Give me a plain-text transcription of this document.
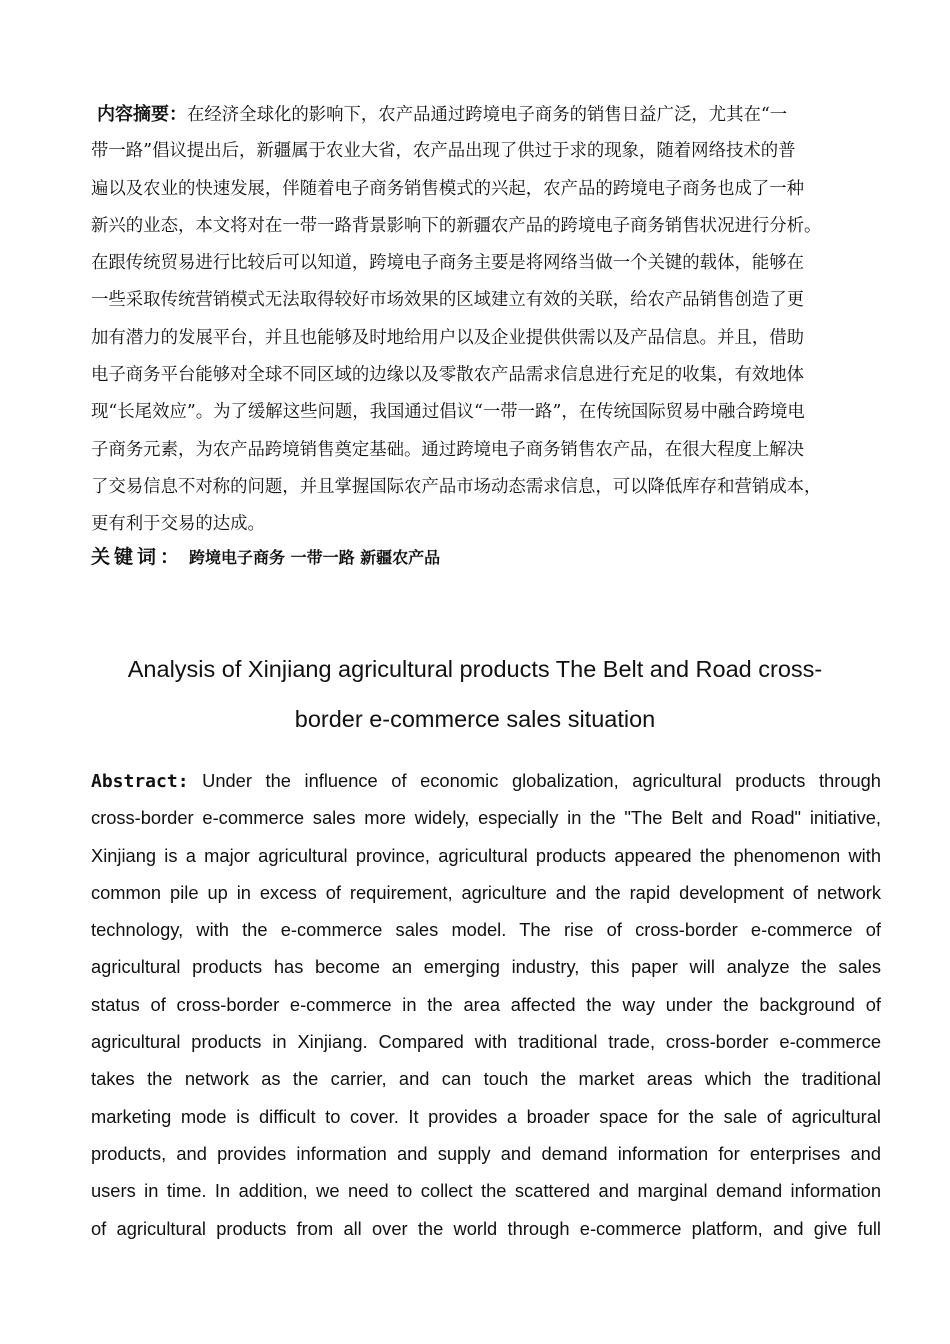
内容摘要：在经济全球化的影响下，农产品通过跨境电子商务的销售日益广泛，尤其在“一
带一路”倡议提出后，新疆属于农业大省，农产品出现了供过于求的现象，随着网络技术的普
遍以及农业的快速发展，伴随着电子商务销售模式的兴起，农产品的跨境电子商务也成了一种
新兴的业态，本文将对在一带一路背景影响下的新疆农产品的跨境电子商务销售状况进行分析。
在跟传统贸易进行比较后可以知道，跨境电子商务主要是将网络当做一个关键的载体，能够在
一些采取传统营销模式无法取得较好市场效果的区域建立有效的关联，给农产品销售创造了更
加有潜力的发展平台，并且也能够及时地给用户以及企业提供供需以及产品信息。并且，借助
电子商务平台能够对全球不同区域的边缘以及零散农产品需求信息进行充足的收集，有效地体
现“长尾效应”。为了缓解这些问题，我国通过倡议“一带一路”，在传统国际贸易中融合跨境电
子商务元素，为农产品跨境销售奠定基础。通过跨境电子商务销售农产品，在很大程度上解决
了交易信息不对称的问题，并且掌握国际农产品市场动态需求信息，可以降低库存和营销成本，
更有利于交易的达成。
关键词： 跨境电子商务 一带一路 新疆农产品
Analysis of Xinjiang agricultural products The Belt and Road cross-
border e-commerce sales situation
Abstract: Under the influence of economic globalization, agricultural products through
cross-border e-commerce sales more widely, especially in the "The Belt and Road" initiative,
Xinjiang is a major agricultural province, agricultural products appeared the phenomenon with
common pile up in excess of requirement, agriculture and the rapid development of network
technology, with the e-commerce sales model. The rise of cross-border e-commerce of
agricultural products has become an emerging industry, this paper will analyze the sales
status of cross-border e-commerce in the area affected the way under the background of
agricultural products in Xinjiang. Compared with traditional trade, cross-border e-commerce
takes the network as the carrier, and can touch the market areas which the traditional
marketing mode is difficult to cover. It provides a broader space for the sale of agricultural
products, and provides information and supply and demand information for enterprises and
users in time. In addition, we need to collect the scattered and marginal demand information
of agricultural products from all over the world through e-commerce platform, and give full
